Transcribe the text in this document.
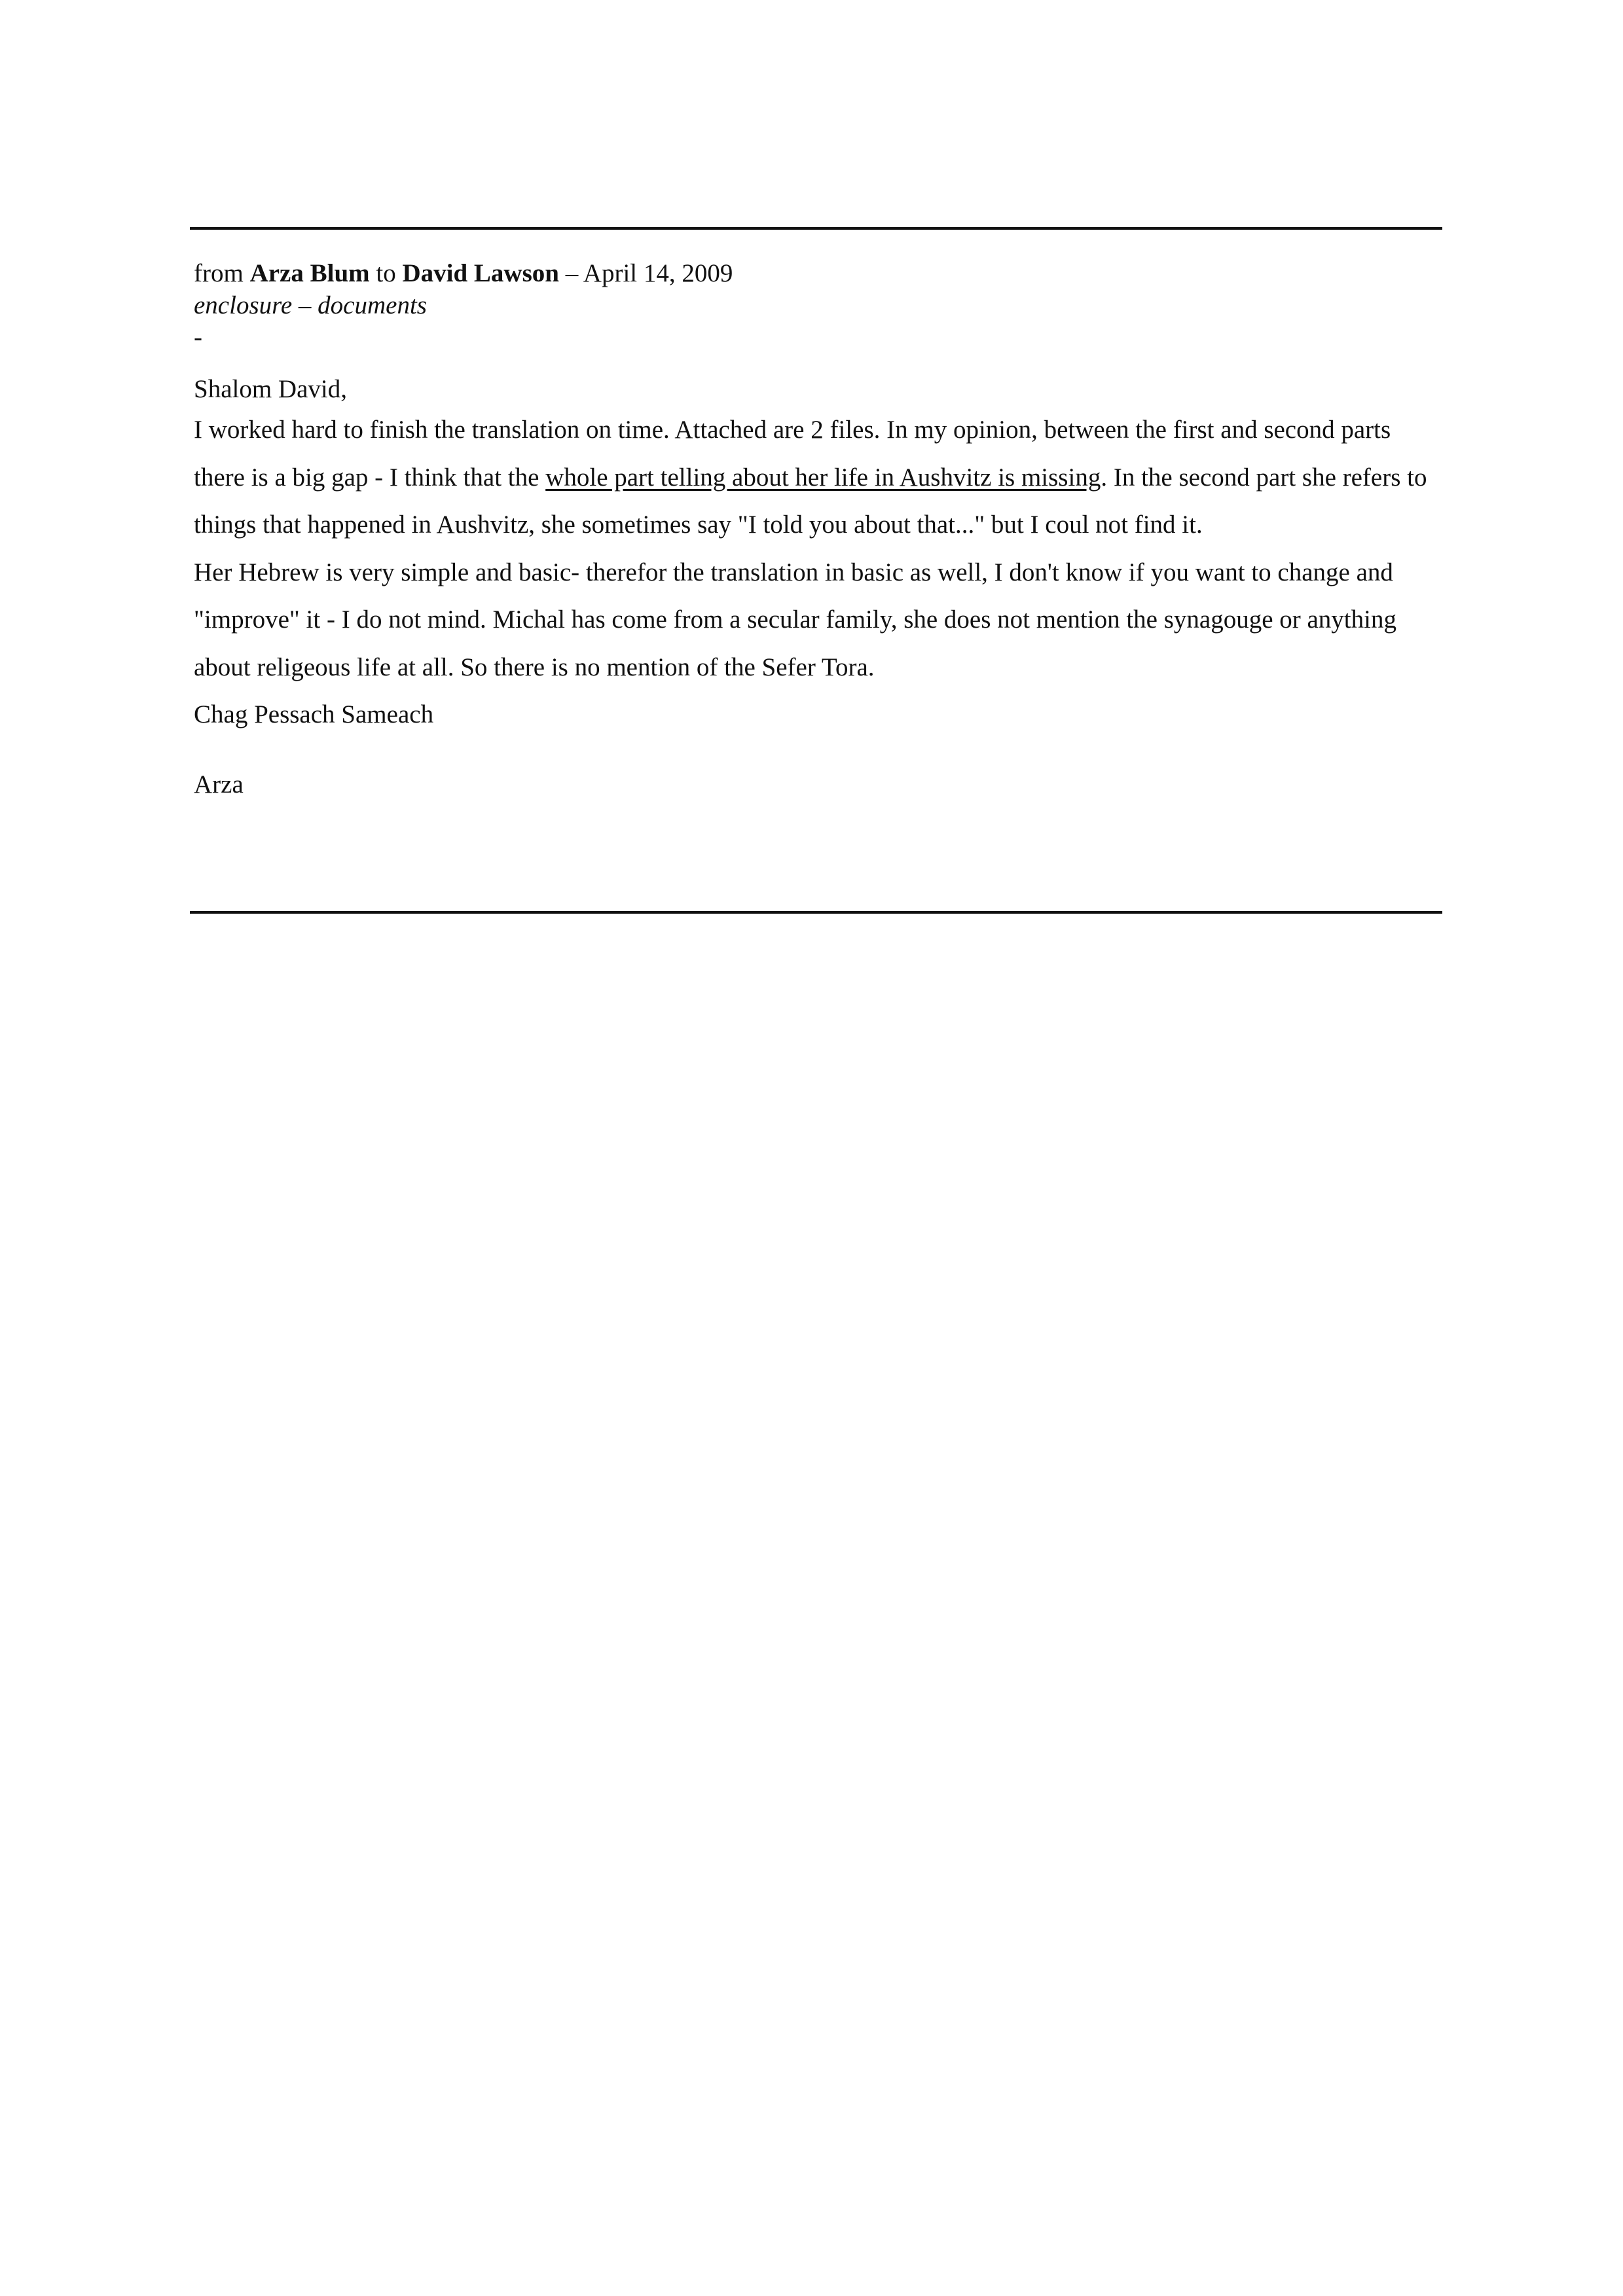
from Arza Blum to David Lawson – April 14, 2009
enclosure – documents
-
Shalom David,
I worked hard to finish the translation on time. Attached are 2 files. In my opinion, between the first and second parts there is a big gap - I think that the whole part telling about her life in Aushvitz is missing. In the second part she refers to things that happened in Aushvitz, she sometimes say "I told you about that..." but I coul not find it.
Her Hebrew is very simple and basic- therefor the translation in basic as well, I don't know if you want to change and "improve" it - I do not mind. Michal has come from a secular family, she does not mention the synagouge or anything about religeous life at all. So there is no mention of the Sefer Tora.
Chag Pessach Sameach
Arza
